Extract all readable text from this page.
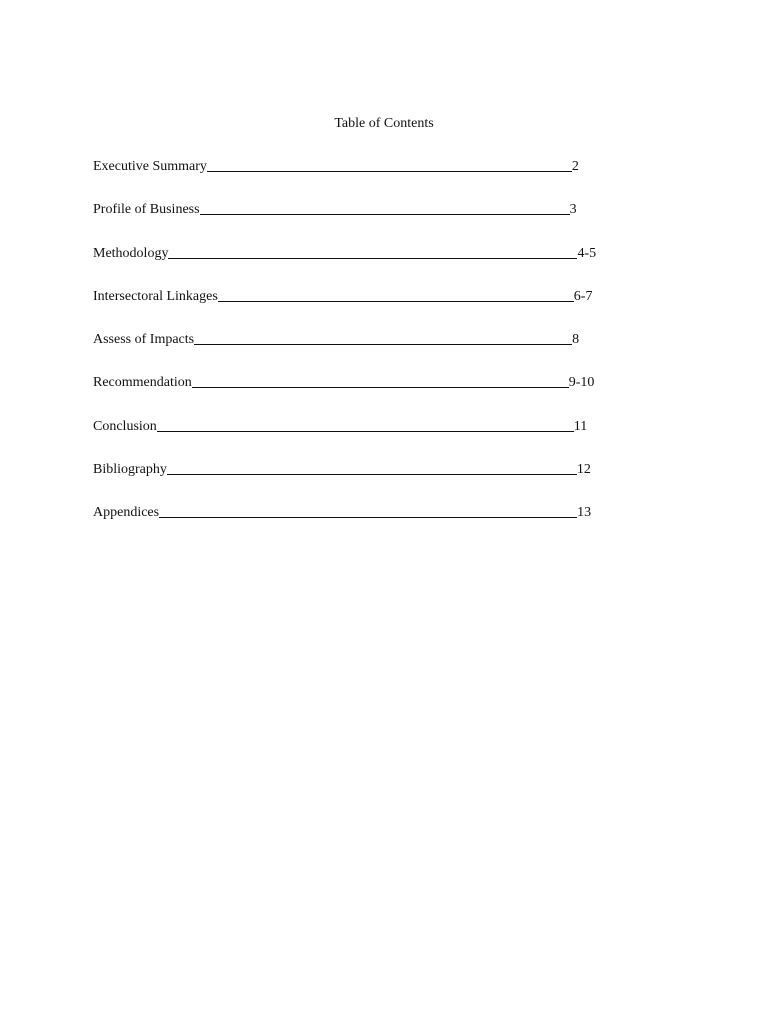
Table of Contents
Executive Summary	2
Profile of Business	3
Methodology	4-5
Intersectoral Linkages	6-7
Assess of Impacts	8
Recommendation	9-10
Conclusion	11
Bibliography	12
Appendices	13
